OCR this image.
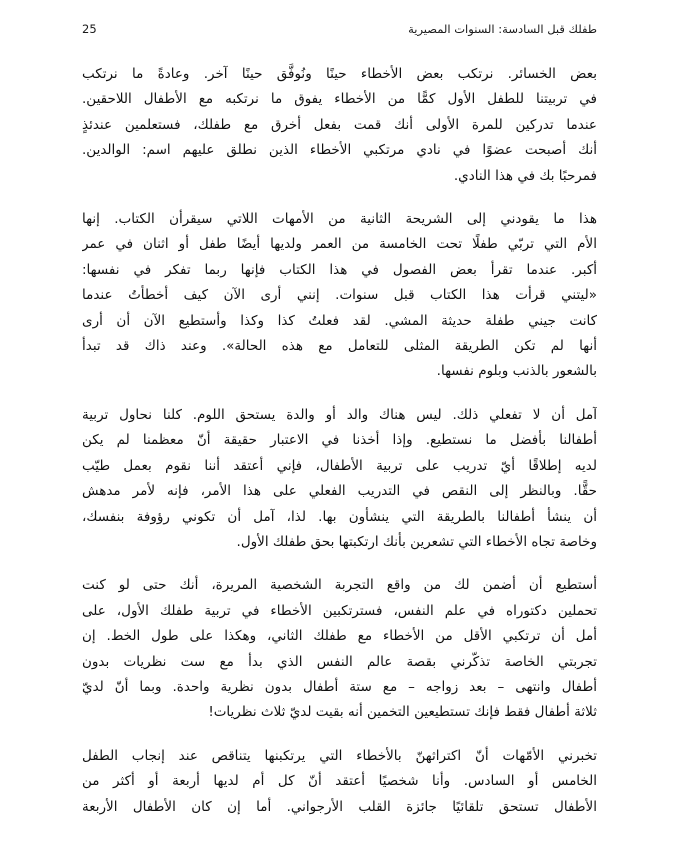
طفلك قبل السادسة: السنوات المصيرية
25

بعض الخسائر. نرتكب بعض الأخطاء حينًا ونُوفَّق حينًا آخر. وعادةً ما نرتكب
في تربيتنا للطفل الأول كمًّا من الأخطاء يفوق ما نرتكبه مع الأطفال اللاحقين.
عندما تدركين للمرة الأولى أنك قمت بفعل أخرق مع طفلك، فستعلمين عندئذٍ
أنك أصبحت عضوًا في نادي مرتكبي الأخطاء الذين نطلق عليهم اسم: الوالدين.
فمرحبًا بك في هذا النادي.

هذا ما يقودني إلى الشريحة الثانية من الأمهات اللاتي سيقرأن الكتاب. إنها
الأم التي تربّي طفلًا تحت الخامسة من العمر ولديها أيضًا طفل أو اثنان في عمر
أكبر. عندما تقرأ بعض الفصول في هذا الكتاب فإنها ربما تفكر في نفسها:
«ليتني قرأت هذا الكتاب قبل سنوات. إنني أرى الآن كيف أخطأتُ عندما
كانت جيني طفلة حديثة المشي. لقد فعلتُ كذا وكذا وأستطيع الآن أن أرى
أنها لم تكن الطريقة المثلى للتعامل مع هذه الحالة». وعند ذاك قد تبدأ
بالشعور بالذنب وبلوم نفسها.

آمل أن لا تفعلي ذلك. ليس هناك والد أو والدة يستحق اللوم. كلنا نحاول تربية
أطفالنا بأفضل ما نستطيع. وإذا أخذنا في الاعتبار حقيقة أنّ معظمنا لم يكن
لديه إطلاقًا أيّ تدريب على تربية الأطفال، فإني أعتقد أننا نقوم بعمل طيّب
حقًّا. وبالنظر إلى النقص في التدريب الفعلي على هذا الأمر، فإنه لأمر مدهش
أن ينشأ أطفالنا بالطريقة التي ينشأون بها. لذا، آمل أن تكوني رؤوفة بنفسك،
وخاصة تجاه الأخطاء التي تشعرين بأنك ارتكبتها بحق طفلك الأول.

أستطيع أن أضمن لك من واقع التجربة الشخصية المريرة، أنك حتى لو كنت
تحملين دكتوراه في علم النفس، فسترتكبين الأخطاء في تربية طفلك الأول، على
أمل أن ترتكبي الأقل من الأخطاء مع طفلك الثاني، وهكذا على طول الخط. إن
تجربتي الخاصة تذكّرني بقصة عالم النفس الذي بدأ مع ست نظريات بدون
أطفال وانتهى – بعد زواجه – مع ستة أطفال بدون نظرية واحدة. وبما أنّ لديّ
ثلاثة أطفال فقط فإنك تستطيعين التخمين أنه بقيت لديّ ثلاث نظريات!

تخبرني الأمّهات أنّ اكتراثهنّ بالأخطاء التي يرتكبنها يتناقص عند إنجاب الطفل
الخامس أو السادس. وأنا شخصيًا أعتقد أنّ كل أم لديها أربعة أو أكثر من
الأطفال تستحق تلقائيًا جائزة القلب الأرجواني. أما إن كان الأطفال الأربعة
